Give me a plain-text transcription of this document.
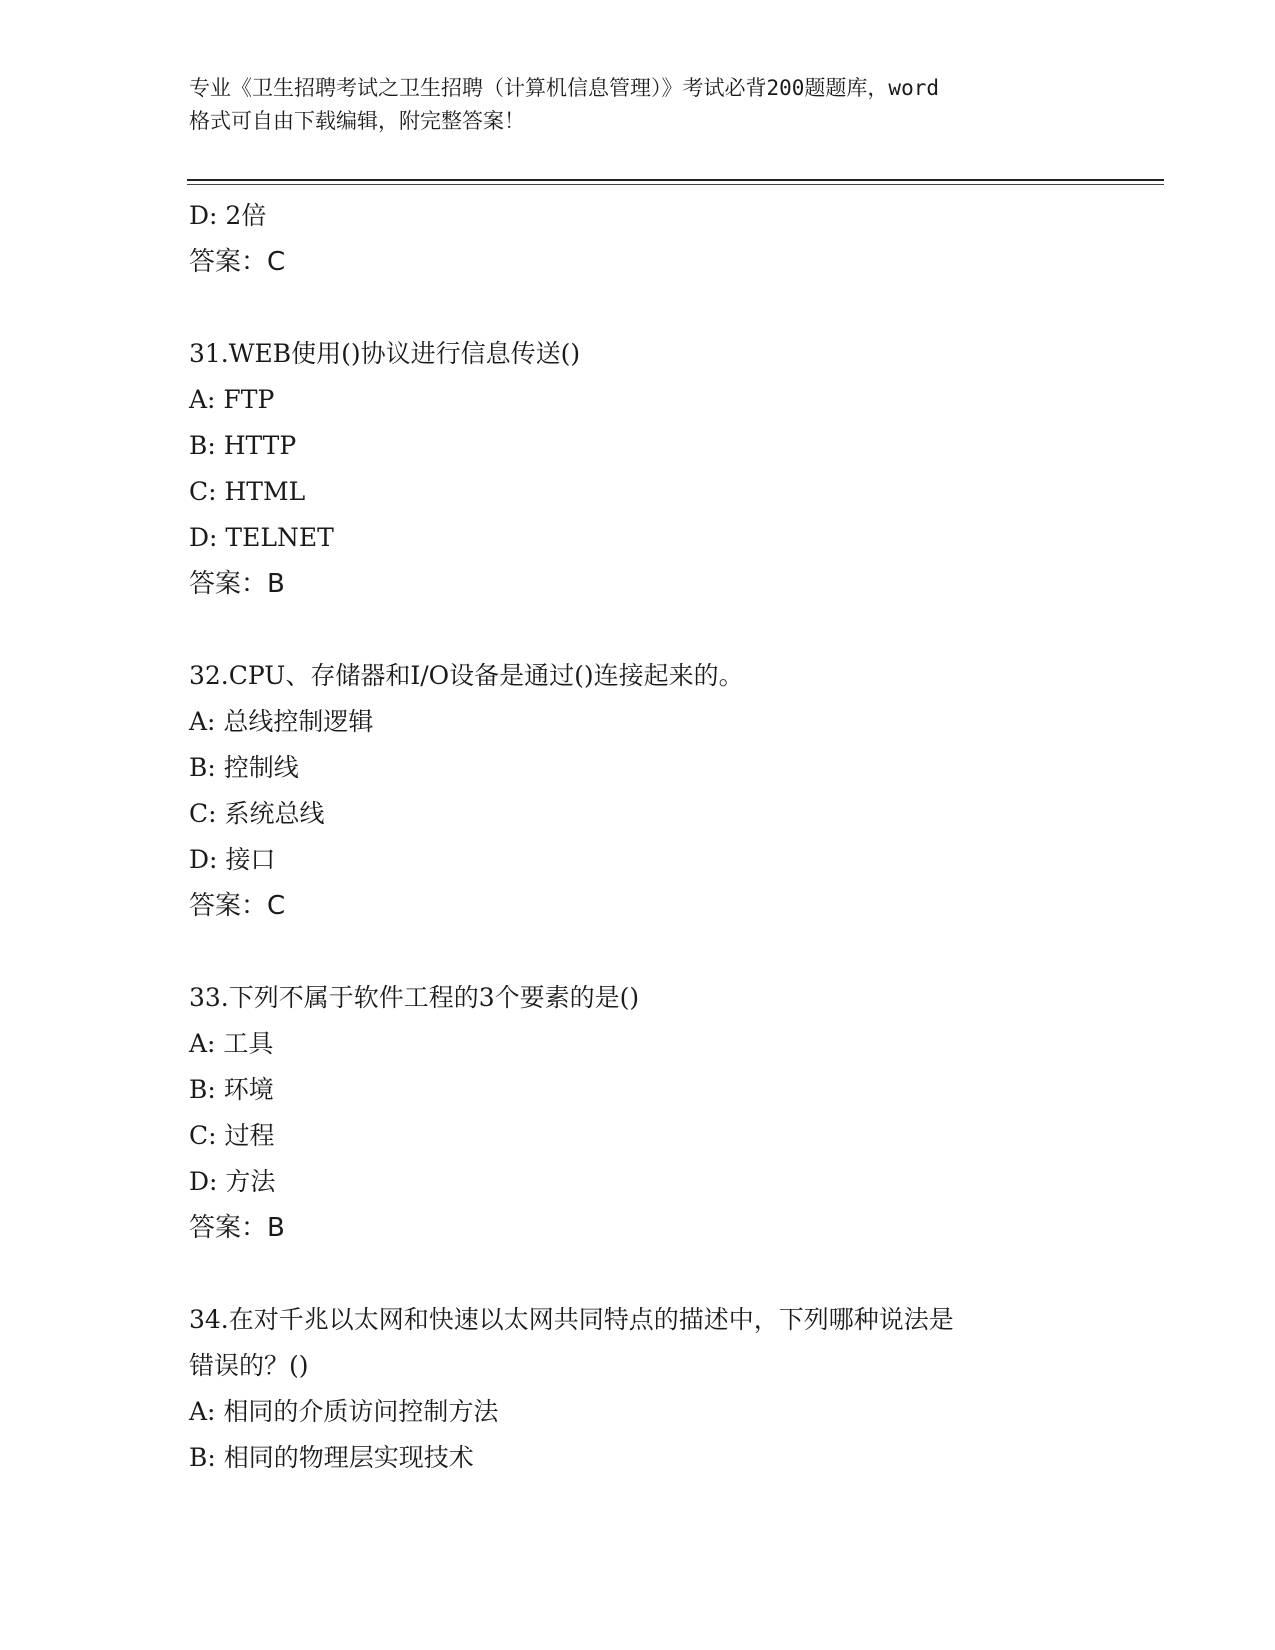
专业《卫生招聘考试之卫生招聘（计算机信息管理）》考试必背200题题库，word
格式可自由下载编辑，附完整答案！
D: 2倍
答案：C
31.WEB使用()协议进行信息传送()
A: FTP
B: HTTP
C: HTML
D: TELNET
答案：B
32.CPU、存储器和I/O设备是通过()连接起来的。
A: 总线控制逻辑
B: 控制线
C: 系统总线
D: 接口
答案：C
33.下列不属于软件工程的3个要素的是()
A: 工具
B: 环境
C: 过程
D: 方法
答案：B
34.在对千兆以太网和快速以太网共同特点的描述中，下列哪种说法是
错误的？()
A: 相同的介质访问控制方法
B: 相同的物理层实现技术
